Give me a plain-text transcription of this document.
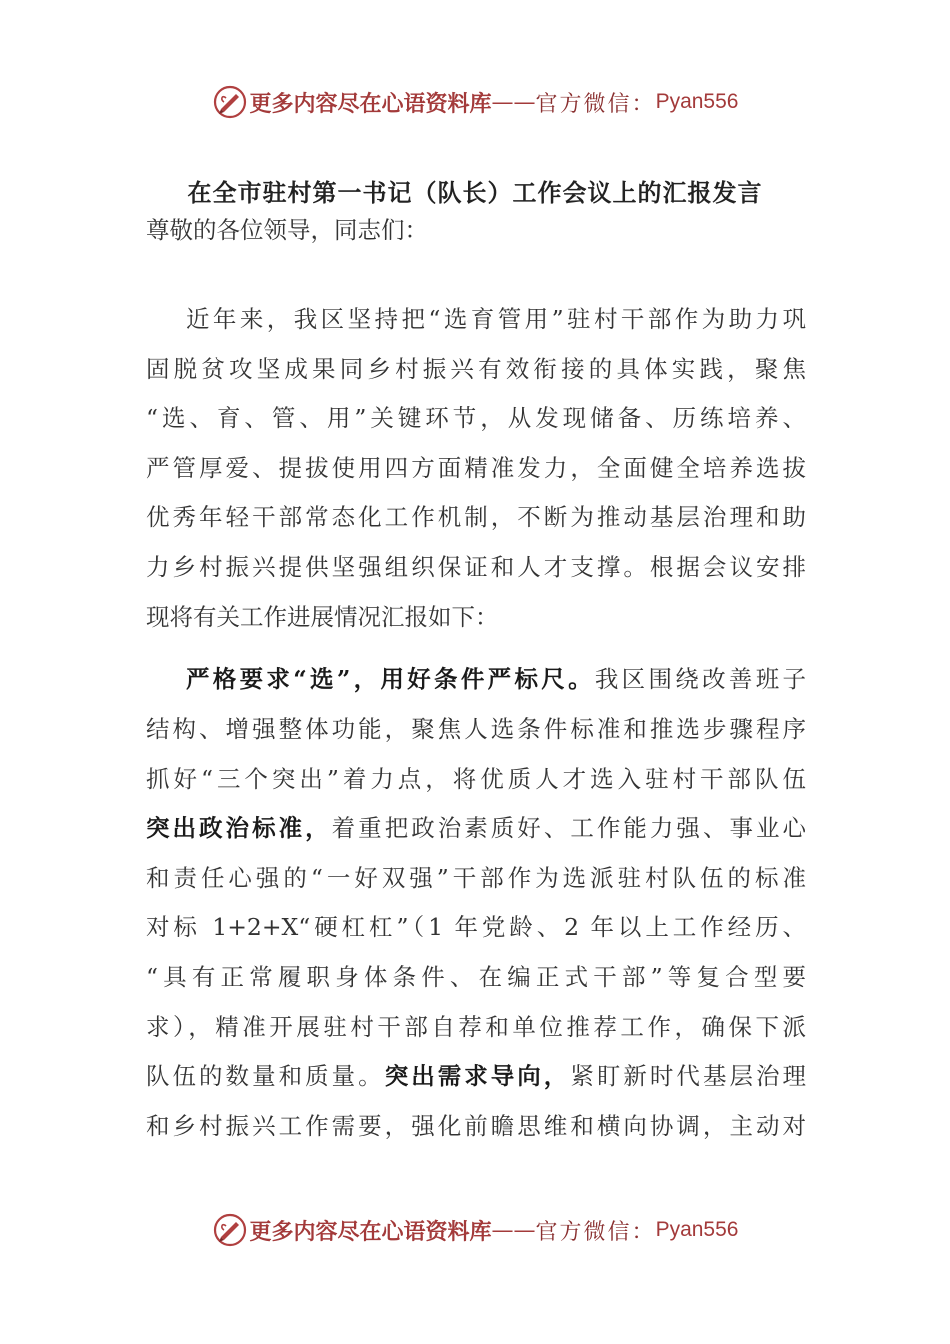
更多内容尽在心语资料库 —— 官方微信： Pyan556
在全市驻村第一书记（队长）工作会议上的汇报发言
尊敬的各位领导，同志们：
近年来，我区坚持把“选育管用”驻村干部作为助力巩
固脱贫攻坚成果同乡村振兴有效衔接的具体实践，聚焦
“选、育、管、用”关键环节，从发现储备、历练培养、
严管厚爱、提拔使用四方面精准发力，全面健全培养选拔
优秀年轻干部常态化工作机制，不断为推动基层治理和助
力乡村振兴提供坚强组织保证和人才支撑。根据会议安排
现将有关工作进展情况汇报如下：
严格要求“选”，用好条件严标尺。我区围绕改善班子
结构、增强整体功能，聚焦人选条件标准和推选步骤程序
抓好“三个突出”着力点，将优质人才选入驻村干部队伍
突出政治标准，着重把政治素质好、工作能力强、事业心
和责任心强的“一好双强”干部作为选派驻村队伍的标准
对标 1+2+X“硬杠杠”（1 年党龄、2 年以上工作经历、
“具有正常履职身体条件、在编正式干部”等复合型要
求），精准开展驻村干部自荐和单位推荐工作，确保下派
队伍的数量和质量。突出需求导向，紧盯新时代基层治理
和乡村振兴工作需要，强化前瞻思维和横向协调，主动对
更多内容尽在心语资料库 —— 官方微信： Pyan556
